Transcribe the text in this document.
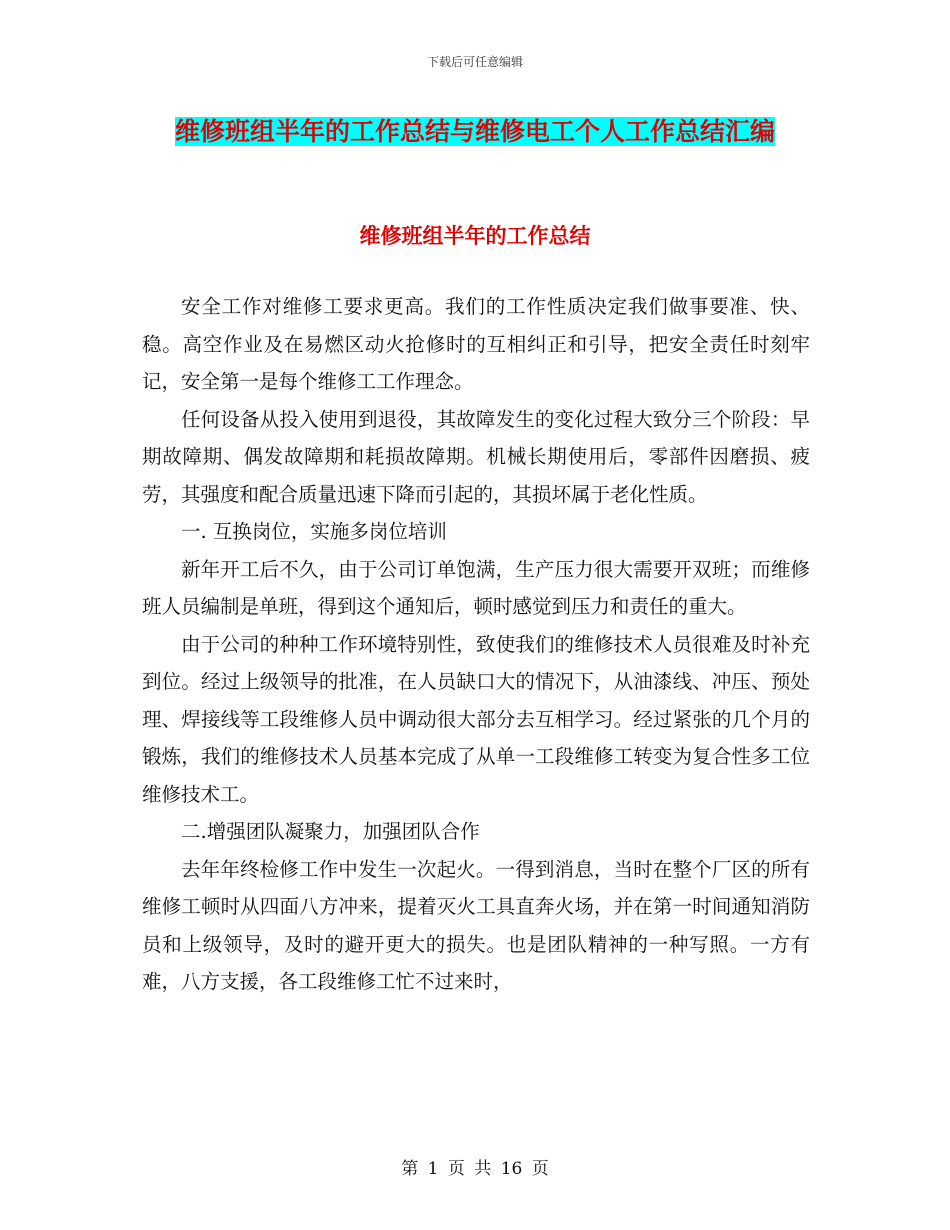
下载后可任意编辑
维修班组半年的工作总结与维修电工个人工作总结汇编
维修班组半年的工作总结

安全工作对维修工要求更高。我们的工作性质决定我们做事要准、快、稳。高空作业及在易燃区动火抢修时的互相纠正和引导，把安全责任时刻牢记，安全第一是每个维修工工作理念。

任何设备从投入使用到退役，其故障发生的变化过程大致分三个阶段：早期故障期、偶发故障期和耗损故障期。机械长期使用后，零部件因磨损、疲劳，其强度和配合质量迅速下降而引起的，其损坏属于老化性质。

一. 互换岗位，实施多岗位培训

新年开工后不久，由于公司订单饱满，生产压力很大需要开双班；而维修班人员编制是单班，得到这个通知后，顿时感觉到压力和责任的重大。

由于公司的种种工作环境特别性，致使我们的维修技术人员很难及时补充到位。经过上级领导的批准，在人员缺口大的情况下，从油漆线、冲压、预处理、焊接线等工段维修人员中调动很大部分去互相学习。经过紧张的几个月的锻炼，我们的维修技术人员基本完成了从单一工段维修工转变为复合性多工位维修技术工。

二.增强团队凝聚力，加强团队合作

去年年终检修工作中发生一次起火。一得到消息，当时在整个厂区的所有维修工顿时从四面八方冲来，提着灭火工具直奔火场，并在第一时间通知消防员和上级领导，及时的避开更大的损失。也是团队精神的一种写照。一方有难，八方支援，各工段维修工忙不过来时，

第 1 页 共 16 页
